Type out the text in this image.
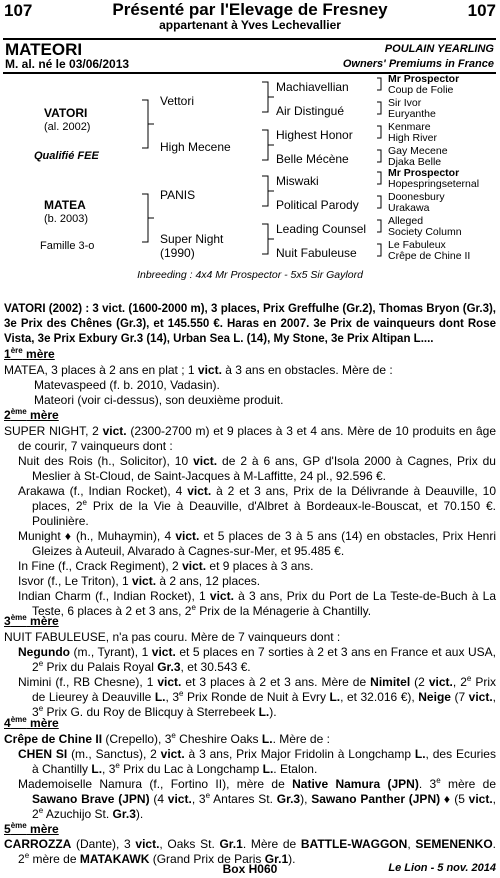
107	Présenté par l'Elevage de Fresney	107
appartenant à Yves Lechevallier
MATEORI	POULAIN YEARLING
M. al. né le 03/06/2013	Owners' Premiums in France
VATORI
(al. 2002)
Qualifié FEE
MATEA
(b. 2003)
Famille 3-o
Vettori
High Mecene
PANIS
Super Night
(1990)
Machiavellian
Air Distingué
Highest Honor
Belle Mécène
Miswaki
Political Parody
Leading Counsel
Nuit Fabuleuse
Mr Prospector
Coup de Folie
Sir Ivor
Euryanthe
Kenmare
High River
Gay Mecene
Djaka Belle
Mr Prospector
Hopespringseternal
Doonesbury
Urakawa
Alleged
Society Column
Le Fabuleux
Crêpe de Chine II
Inbreeding : 4x4 Mr Prospector - 5x5 Sir Gaylord
VATORI (2002) : 3 vict. (1600-2000 m), 3 places, Prix Greffulhe (Gr.2), Thomas Bryon (Gr.3), 3e Prix des Chênes (Gr.3), et 145.550 €. Haras en 2007. 3e Prix de vainqueurs dont Rose Vista, 3e Prix Exbury Gr.3 (14), Urban Sea L. (14), My Stone, 3e Prix Altipan L....
1ère mère
MATEA, 3 places à 2 ans en plat ; 1 vict. à 3 ans en obstacles. Mère de :
Matevaspeed (f. b. 2010, Vadasin).
Mateori (voir ci-dessus), son deuxième produit.
2ème mère
SUPER NIGHT, 2 vict. (2300-2700 m) et 9 places à 3 et 4 ans. Mère de 10 produits en âge de courir, 7 vainqueurs dont :
Nuit des Rois (h., Solicitor), 10 vict. de 2 à 6 ans, GP d'Isola 2000 à Cagnes, Prix du Meslier à St-Cloud, de Saint-Jacques à M-Laffitte, 24 pl., 92.596 €.
Arakawa (f., Indian Rocket), 4 vict. à 2 et 3 ans, Prix de la Délivrande à Deauville, 10 places, 2e Prix de la Vie à Deauville, d'Albret à Bordeaux-le-Bouscat, et 70.150 €. Poulinière.
Munight ♦ (h., Muhaymin), 4 vict. et 5 places de 3 à 5 ans (14) en obstacles, Prix Henri Gleizes à Auteuil, Alvarado à Cagnes-sur-Mer, et 95.485 €.
In Fine (f., Crack Regiment), 2 vict. et 9 places à 3 ans.
Isvor (f., Le Triton), 1 vict. à 2 ans, 12 places.
Indian Charm (f., Indian Rocket), 1 vict. à 3 ans, Prix du Port de La Teste-de-Buch à La Teste, 6 places à 2 et 3 ans, 2e Prix de la Ménagerie à Chantilly.
3ème mère
NUIT FABULEUSE, n'a pas couru. Mère de 7 vainqueurs dont :
Negundo (m., Tyrant), 1 vict. et 5 places en 7 sorties à 2 et 3 ans en France et aux USA, 2e Prix du Palais Royal Gr.3, et 30.543 €.
Nimini (f., RB Chesne), 1 vict. et 3 places à 2 et 3 ans. Mère de Nimitel (2 vict., 2e Prix de Lieurey à Deauville L., 3e Prix Ronde de Nuit à Evry L., et 32.016 €), Neige (7 vict., 3e Prix G. du Roy de Blicquy à Sterrebeek L.).
4ème mère
Crêpe de Chine II (Crepello), 3e Cheshire Oaks L.. Mère de :
CHEN SI (m., Sanctus), 2 vict. à 3 ans, Prix Major Fridolin à Longchamp L., des Ecuries à Chantilly L., 3e Prix du Lac à Longchamp L.. Etalon.
Mademoiselle Namura (f., Fortino II), mère de Native Namura (JPN). 3e mère de Sawano Brave (JPN) (4 vict., 3e Antares St. Gr.3), Sawano Panther (JPN) ♦ (5 vict., 2e Azuchijo St. Gr.3).
5ème mère
CARROZZA (Dante), 3 vict., Oaks St. Gr.1. Mère de BATTLE-WAGGON, SEMENENKO. 2e mère de MATAKAWK (Grand Prix de Paris Gr.1).
Box H060	Le Lion - 5 nov. 2014
